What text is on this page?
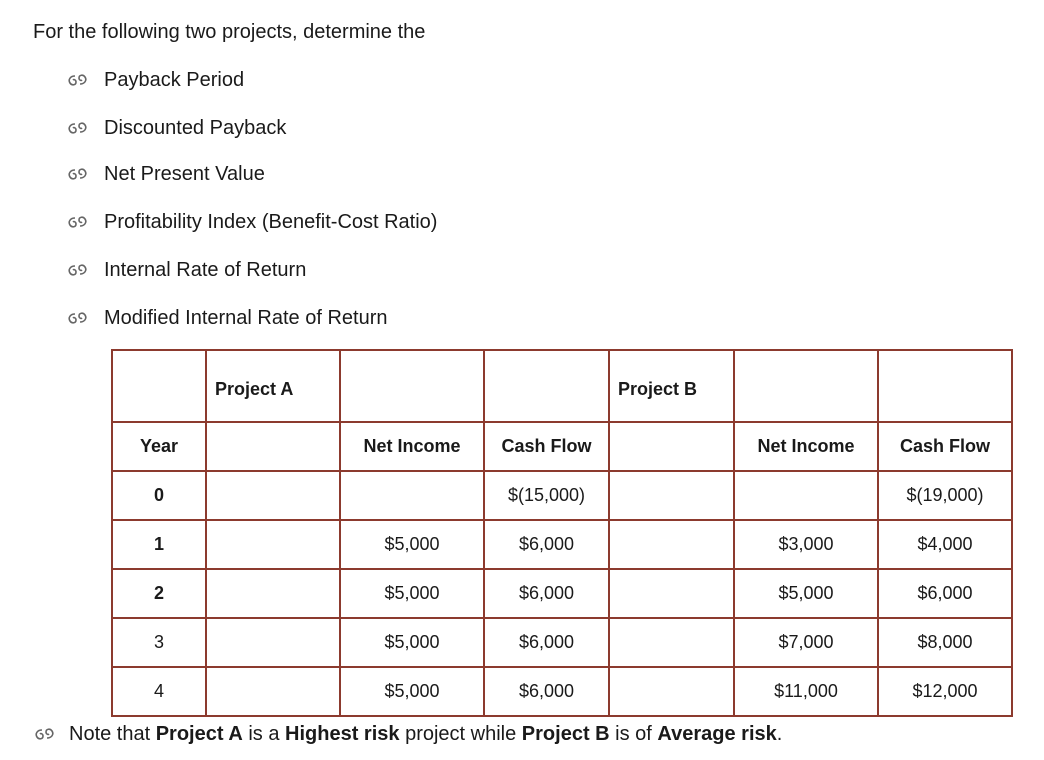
For the following two projects, determine the
Payback Period
Discounted Payback
Net Present Value
Profitability Index (Benefit-Cost Ratio)
Internal Rate of Return
Modified Internal Rate of Return
	Project A			Project B		
Year		Net Income	Cash Flow		Net Income	Cash Flow
0			$(15,000)			$(19,000)
1		$5,000	$6,000		$3,000	$4,000
2		$5,000	$6,000		$5,000	$6,000
3		$5,000	$6,000		$7,000	$8,000
4		$5,000	$6,000		$11,000	$12,000
Note that Project A is a Highest risk project while Project B is of Average risk.
